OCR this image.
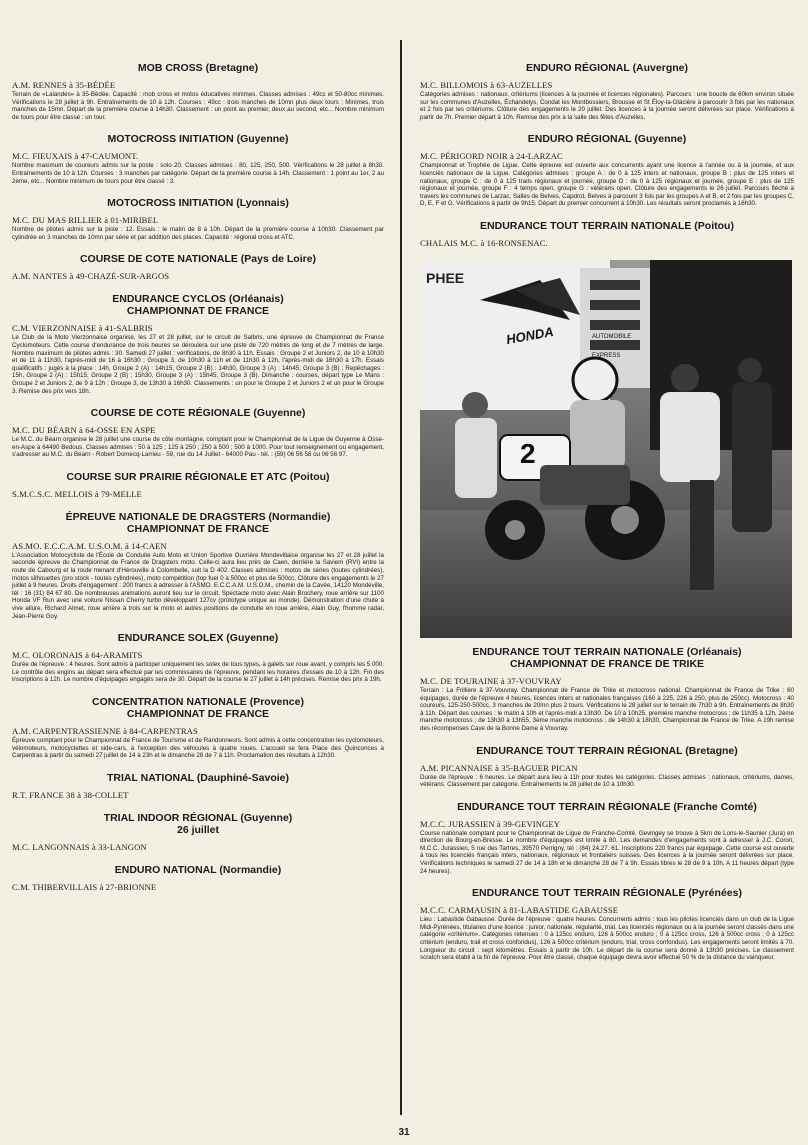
MOB CROSS (Bretagne)
A.M. RENNES à 35-BÉDÉE

Terrain de «Lalandes» à 35-Bédée. Capacité : mob cross et motos éducatives minimes. Classes admises : 49cc et 50-80cc minimes. Vérifications le 28 juillet à 9h. Entraînements de 10 à 12h. Courses : 49cc : trois manches de 10mn plus deux tours ; Minimes, trois manches de 15mn. Départ de la première course à 14h30. Classement : un point au premier, deux au second, etc... Nombre minimum de tours pour être classé : un tour.

MOTOCROSS INITIATION (Guyenne)
M.C. FIEUXAIS à 47-CAUMONT.

Nombre maximum de coureurs admis sur la poste : solo 20. Classes admises : 80, 125, 250, 500. Vérifications le 28 juillet à 8h30. Entraînements de 10 à 12h. Courses : 3 manches par catégorie. Départ de la première course à 14h. Classement : 1 point au 1er, 2 au 2ème, etc... Nombre minimum de tours pour être classé : 3.

MOTOCROSS INITIATION (Lyonnais)
M.C. DU MAS RILLIER à 01-MIRIBEL

Nombre de pilotes admis sur la piste : 12. Essais : le matin de 8 à 10h. Départ de la première course à 10h30. Classement par cylindrée en 3 manches de 10mn par série et par addition des places. Capacité : régional cross et ATC.

COURSE DE COTE NATIONALE (Pays de Loire)
A.M. NANTES à 49-CHAZÉ-SUR-ARGOS
ENDURANCE CYCLOS (Orléanais)
CHAMPIONNAT DE FRANCE
C.M. VIERZONNAISE à 41-SALBRIS

Le Club de la Moto Vierzonnaise organise, les 27 et 28 juillet, sur le circuit de Salbris, une épreuve de Championnat de France Cyclomoteurs. Cette course d'endurance de trois heures se déroulera sur une piste de 720 mètres de long et de 7 mètres de large. Nombre maximum de pilotes admis : 30. Samedi 27 juillet : vérifications, de 8h30 à 11h. Essais : Groupe 2 et Juniors 2, de 10 à 10h30 et de 11 à 11h30, l'après-midi de 16 à 16h30 ; Groupe 3, de 10h30 à 11h et de 11h30 à 12h, l'après-midi de 16h30 à 17h. Essais qualificatifs : jugés à la place : 14h, Groupe 2 (A) : 14h15, Groupe 2 (B) : 14h30, Groupe 3 (A) : 14h45, Groupe 3 (B) ; Repêchages : 15h, Groupe 2 (A) : 15h15, Groupe 2 (B) ; 15h30, Groupe 3 (A) : 15h45, Groupe 3 (B). Dimanche : courses, départ type Le Mans : Groupe 2 et Juniors 2, de 9 à 12h ; Groupe 3, de 13h30 à 16h30. Classements : un pour le Groupe 2 et Juniors 2 et un pour le Groupe 3. Remise des prix vers 18h.

COURSE DE COTE RÉGIONALE (Guyenne)
M.C. DU BÉARN à 64-OSSE EN ASPE

Le M.C. du Béarn organise le 28 juillet une course de côte montagne, comptant pour le Championnat de la Ligue de Guyenne à Osse-en-Aspe à 64490 Bedous. Classes admises : 50 à 125 ; 125 à 250 ; 250 à 500 ; 500 à 1000. Pour tout renseignement ou engagement, s'adresser au M.C. du Béarn - Robert Domecq-Larrieu - 59, rue du 14 Juillet - 64000 Pau - tél. : (59) 06 56 58 ou 06 56 97.

COURSE SUR PRAIRIE RÉGIONALE ET ATC (Poitou)
S.M.C.S.C. MELLOIS à 79-MELLE
ÉPREUVE NATIONALE DE DRAGSTERS (Normandie)
CHAMPIONNAT DE FRANCE
AS.MO. E.C.C.A.M. U.S.O.M. à 14-CAEN

L'Association Motocycliste de l'École de Conduite Auto Moto et Union Sportive Ouvrière Mondevillaise organise les 27 et 28 juillet la seconde épreuve du Championnat de France de Dragsters moto. Celle-ci aura lieu près de Caen, derrière la Saviem (RVI) entre la route de Cabourg et la route menant d'Hérouville à Colombelle, soit la D 402. Classes admises : motos de séries (toutes cylindrées), motos silhouettes (pro stock - toutes cylindrées), moto compétition (top fuel 0 à 500cc et plus de 500cc. Clôture des engagements le 27 juillet à 9 heures. Droits d'engagement : 200 francs à adresser à l'ASMO. E.C.C.A.M. U.S.O.M., chemin de la Cavée, 14120 Mondeville, tél : 16 (31) 84 67 80. De nombreuses animations auront lieu sur le circuit. Spectacle moto avec Alain Brochery, roue arrière sur 1100 Honda VF Run avec une voiture Nissan Cherry turbo développant 127cv (prototype unique au monde). Démonstration d'une chute à vive allure, Richard Almet, roue arrière à trois sur la moto et autres positions de conduite en roue arrière, Alain Guy, l'homme radar, Jean-Pierre Goy.

ENDURANCE SOLEX (Guyenne)
M.C. OLORONAIS à 64-ARAMITS

Durée de l'épreuve : 4 heures. Sont admis à participer uniquement les solex de tous types, à galets sur roue avant, y compris les 5 000. Le contrôle des engins au départ sera effectué par les commissaires de l'épreuve, pendant les horaires d'essais de 10 à 12h. Fin des inscriptions à 12h. Le nombre d'équipages engagés sera de 30. Départ de la course le 27 juillet à 14h précises. Remise des prix à 19h.

CONCENTRATION NATIONALE (Provence)
CHAMPIONNAT DE FRANCE
A.M. CARPENTRASSIENNE à 84-CARPENTRAS

Épreuve comptant pour le Championnat de France de Tourisme et de Randonneurs. Sont admis à cette concentration les cyclomoteurs, vélomoteurs, motocyclettes et side-cars, à l'exception des véhicules à quatre roues. L'accueil se fera Place des Quinconces à Carpentras à partir du samedi 27 juillet de 14 à 23h et le dimanche 28 de 7 à 11h. Proclamation des résultats à 12h30.

TRIAL NATIONAL (Dauphiné-Savoie)
R.T. FRANCE 38 à 38-COLLET
TRIAL INDOOR RÉGIONAL (Guyenne)
26 juillet
M.C. LANGONNAIS à 33-LANGON
ENDURO NATIONAL (Normandie)
C.M. THIBERVILLAIS à 27-BRIONNE
ENDURO RÉGIONAL (Auvergne)
M.C. BILLOMOIS à 63-AUZELLES

Catégories admises : nationaux, critériums (licences à la journée et licences régionales). Parcours : une boucle de 60km environ située sur les communes d'Auzelles, Échandelys, Condat les Montbossiers, Brousse et St Éloy-la-Glacière à parcourir 3 fois par les nationaux et 2 fois par les critériums. Clôture des engagements le 20 juillet. Des licences à la journée seront délivrées sur place. Vérifications à partir de 7h. Premier départ à 10h. Remise des prix à la salle des fêtes d'Auzelles.

ENDURO RÉGIONAL (Guyenne)
M.C. PÉRIGORD NOIR à 24-LARZAC

Championnat et Trophée de Ligue. Cette épreuve est ouverte aux concurrents ayant une licence à l'année ou à la journée, et aux licenciés nationaux de la Ligue. Catégories admises : groupe A : de 0 à 125 inters et nationaux, groupe B : plus de 125 inters et nationaux, groupe C : de 0 à 125 trails régionaux et journée, groupe D : de 0 à 125 régionaux et journée, groupe E : plus de 125 régionaux et journée, groupe F : 4 temps open, groupe G : vétérans open. Clôture des engagements le 26 juillet. Parcours fléché à travers les communes de Larzac, Salles de Belves, Capdrot, Belves à parcourir 3 fois par les groupes A et B, et 2 fois par les groupes C, D, E, F et G. Vérifications à partir de 9h15. Départ du premier concurrent à 10h30. Les résultats seront proclamés à 16h30.

ENDURANCE TOUT TERRAIN NATIONALE (Poitou)
CHALAIS M.C. à 16-RONSENAC.
HONDA	AUTOMOBILE
EXPRESS
PHEE
2
ENDURANCE TOUT TERRAIN NATIONALE (Orléanais)
CHAMPIONNAT DE FRANCE DE TRIKE
M.C. DE TOURAINE à 37-VOUVRAY

Terrain : La Frillière à 37-Vouvray. Championnat de France de Trike et motocross national. Championnat de France de Trike : 60 équipages, durée de l'épreuve 4 heures, licences inters et nationales françaises (160 à 225, 226 à 250, plus de 250cc). Motocross : 40 coureurs, 125-250-500cc, 3 manches de 20mn plus 2 tours. Vérifications le 28 juillet sur le terrain de 7h30 à 9h. Entraînements de 8h30 à 11h. Départ des courses : le matin à 10h et l'après-midi à 13h30. De 10 à 10h25, première manche motocross ; de 11h35 à 12h, 2ème manche motocross ; de 13h30 à 13h55, 3ème manche motocross ; de 14h30 à 18h30, Championnat de France de Trike. A 19h remise des récompenses Cave de la Bonne Dame à Vouvray.

ENDURANCE TOUT TERRAIN RÉGIONAL (Bretagne)
A.M. PICANNAISE à 35-BAGUER PICAN

Durée de l'épreuve : 6 heures. Le départ aura lieu à 11h pour toutes les catégories. Classes admises : nationaux, critériums, dames, vétérans. Classement par catégorie. Entraînements le 28 juillet de 10 à 10h30.

ENDURANCE TOUT TERRAIN RÉGIONALE (Franche Comté)
M.C.C. JURASSIEN à 39-GEVINGEY

Course nationale comptant pour le Championnat de Ligue de Franche-Comté. Gevingey se trouve à 5km de Lons-le-Saunier (Jura) en direction de Bourg-en-Bresse. Le nombre d'équipages est limité à 80. Les demandes d'engagements sont à adresser à J.C. Coron, M.C.C. Jurassien, 5 rue des Tartres, 39570 Perrigny, tél : (84) 24.27. 61. Inscriptions 220 francs par équipage. Cette course est ouverte à tous les licenciés français inters, nationaux, régionaux et frontaliers suisses. Des licences à la journée seront délivrées sur place. Vérifications techniques le samedi 27 de 14 à 18h et le dimanche 28 de 7 à 9h. Essais libres le 28 de 9 à 10h. A 11 heures départ (type 24 heures).

ENDURANCE TOUT TERRAIN RÉGIONALE (Pyrénées)
M.C.C. CARMAUSIN à 81-LABASTIDE GABAUSSE

Lieu : Labastide Gabausse. Durée de l'épreuve : quatre heures. Concurrents admis : tous les pilotes licenciés dans un club de la Ligue Midi-Pyrénées, titulaires d'une licence : junior, nationale, régularité, trial. Les licenciés régionaux ou à la journée seront classés dans une catégorie «critérium». Catégories retenues : 0 à 125cc enduro, 126 à 500cc enduro ; 0 à 125cc cross, 126 à 500cc cross ; 0 à 125cc critérium (enduro, trail et cross confondus), 126 à 500cc critérium (enduro, trial, cross confondus). Les engagements seront limités à 70. Longueur du circuit : sept kilomètres. Essais à partir de 10h. Le départ de la course sera donné à 13h30 précises. Le classement scratch sera établi à la fin de l'épreuve. Pour être classé, chaque équipage devra avoir effectué 50 % de la distance du vainqueur.

31
